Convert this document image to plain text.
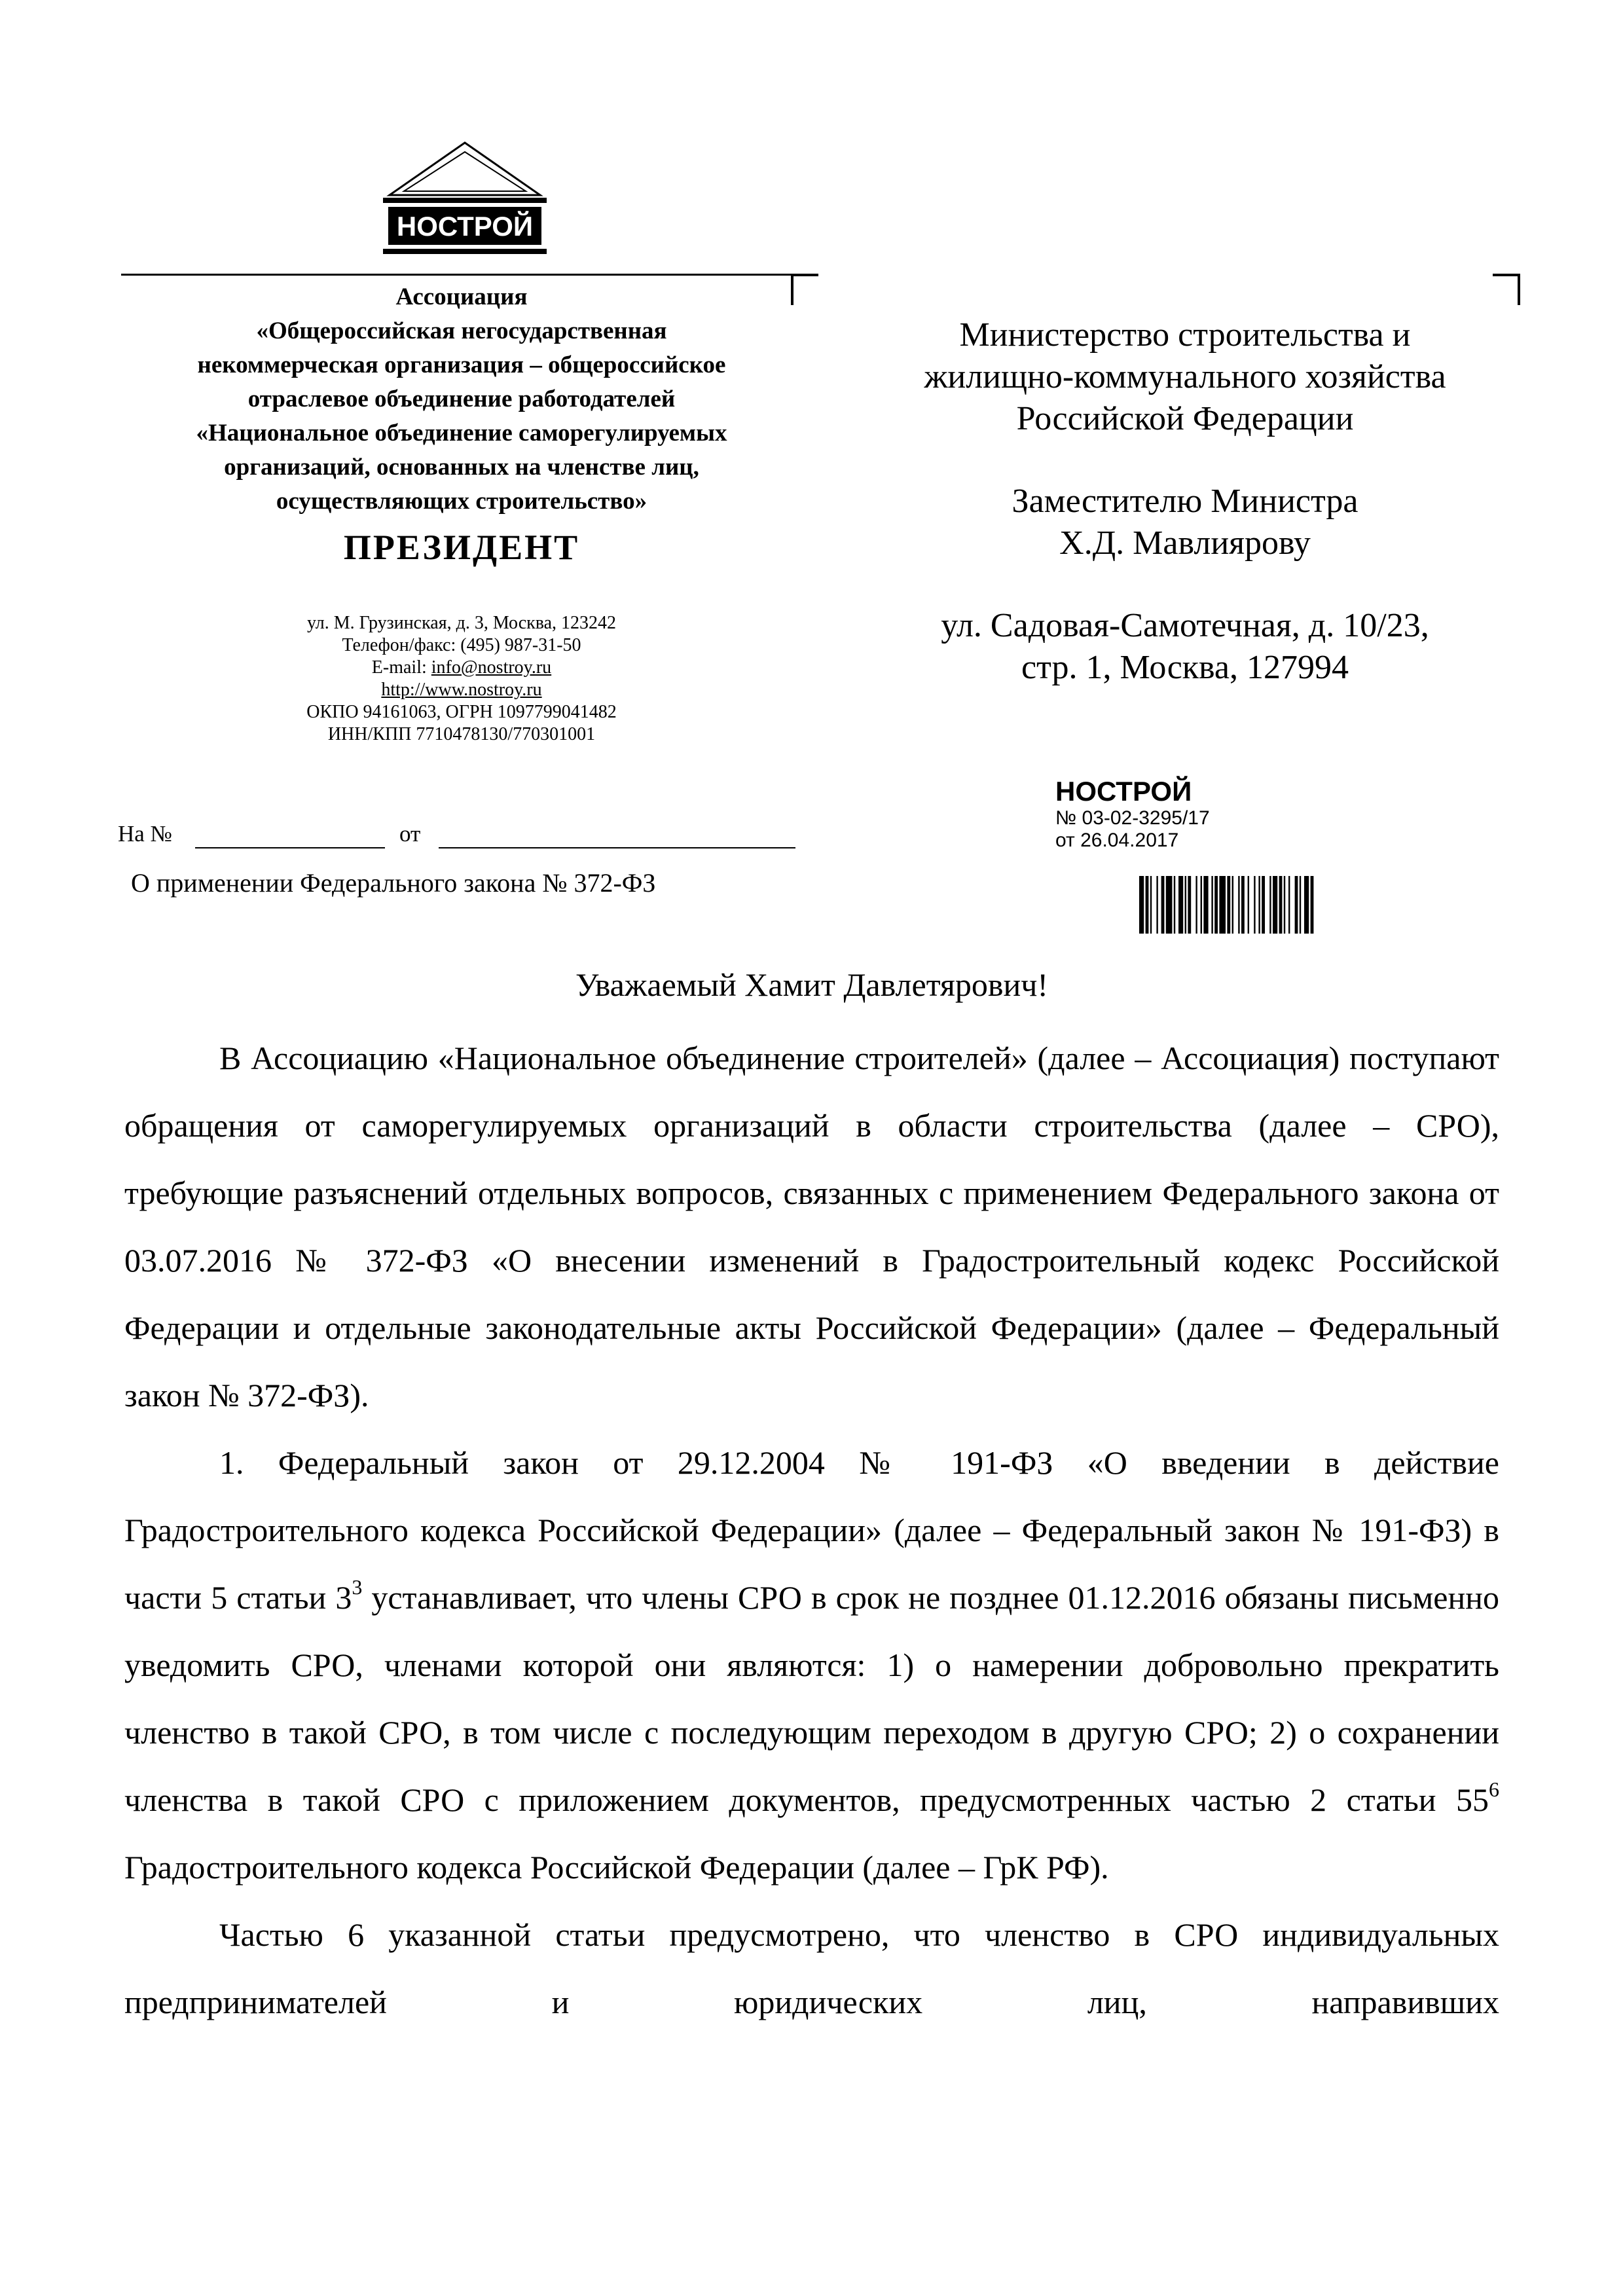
НОСТРОЙ
Ассоциация
«Общероссийская негосударственная
некоммерческая организация – общероссийское
отраслевое объединение работодателей
«Национальное объединение саморегулируемых
организаций, основанных на членстве лиц,
осуществляющих строительство»
ПРЕЗИДЕНТ
ул. М. Грузинская, д. 3, Москва, 123242
Телефон/факс: (495) 987-31-50
E-mail: info@nostroy.ru
http://www.nostroy.ru
ОКПО 94161063, ОГРН 1097799041482
ИНН/КПП 7710478130/770301001
На №	от
О применении Федерального закона № 372-ФЗ
Министерство строительства и
жилищно-коммунального хозяйства
Российской Федерации
Заместителю Министра
Х.Д. Мавлиярову
ул. Садовая-Самотечная, д. 10/23,
стр. 1, Москва, 127994
НОСТРОЙ
№ 03-02-3295/17
от 26.04.2017
Уважаемый Хамит Давлетярович!

В Ассоциацию «Национальное объединение строителей» (далее – Ассоциация) поступают обращения от саморегулируемых организаций в области строительства (далее – СРО), требующие разъяснений отдельных вопросов, связанных с применением Федерального закона от 03.07.2016 № 372-ФЗ «О внесении изменений в Градостроительный кодекс Российской Федерации и отдельные законодательные акты Российской Федерации» (далее – Федеральный закон № 372-ФЗ).

1. Федеральный закон от 29.12.2004 № 191-ФЗ «О введении в действие Градостроительного кодекса Российской Федерации» (далее – Федеральный закон № 191-ФЗ) в части 5 статьи $3^3$ устанавливает, что члены СРО в срок не позднее 01.12.2016 обязаны письменно уведомить СРО, членами которой они являются: 1) о намерении добровольно прекратить членство в такой СРО, в том числе с последующим переходом в другую СРО; 2) о сохранении членства в такой СРО с приложением документов, предусмотренных частью 2 статьи $55^6$ Градостроительного кодекса Российской Федерации (далее – ГрК РФ).

Частью 6 указанной статьи предусмотрено, что членство в СРО индивидуальных предпринимателей и юридических лиц, направивших
